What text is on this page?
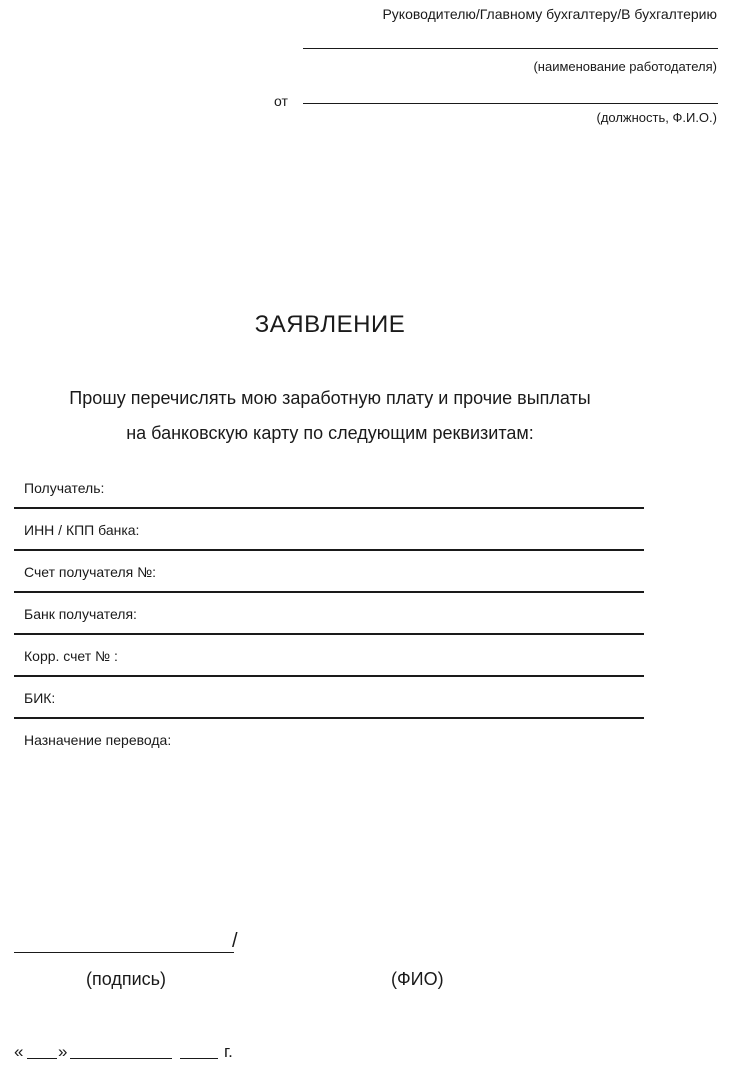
Руководителю/Главному бухгалтеру/В бухгалтерию
(наименование работодателя)
от
(должность, Ф.И.О.)
ЗАЯВЛЕНИЕ
Прошу перечислять мою заработную плату и прочие выплаты
на банковскую карту по следующим реквизитам:
Получатель:
ИНН / КПП банка:
Счет получателя №:
Банк получателя:
Корр. счет № :
БИК:
Назначение перевода:
/
(подпись)	(ФИО)
« »	г.
